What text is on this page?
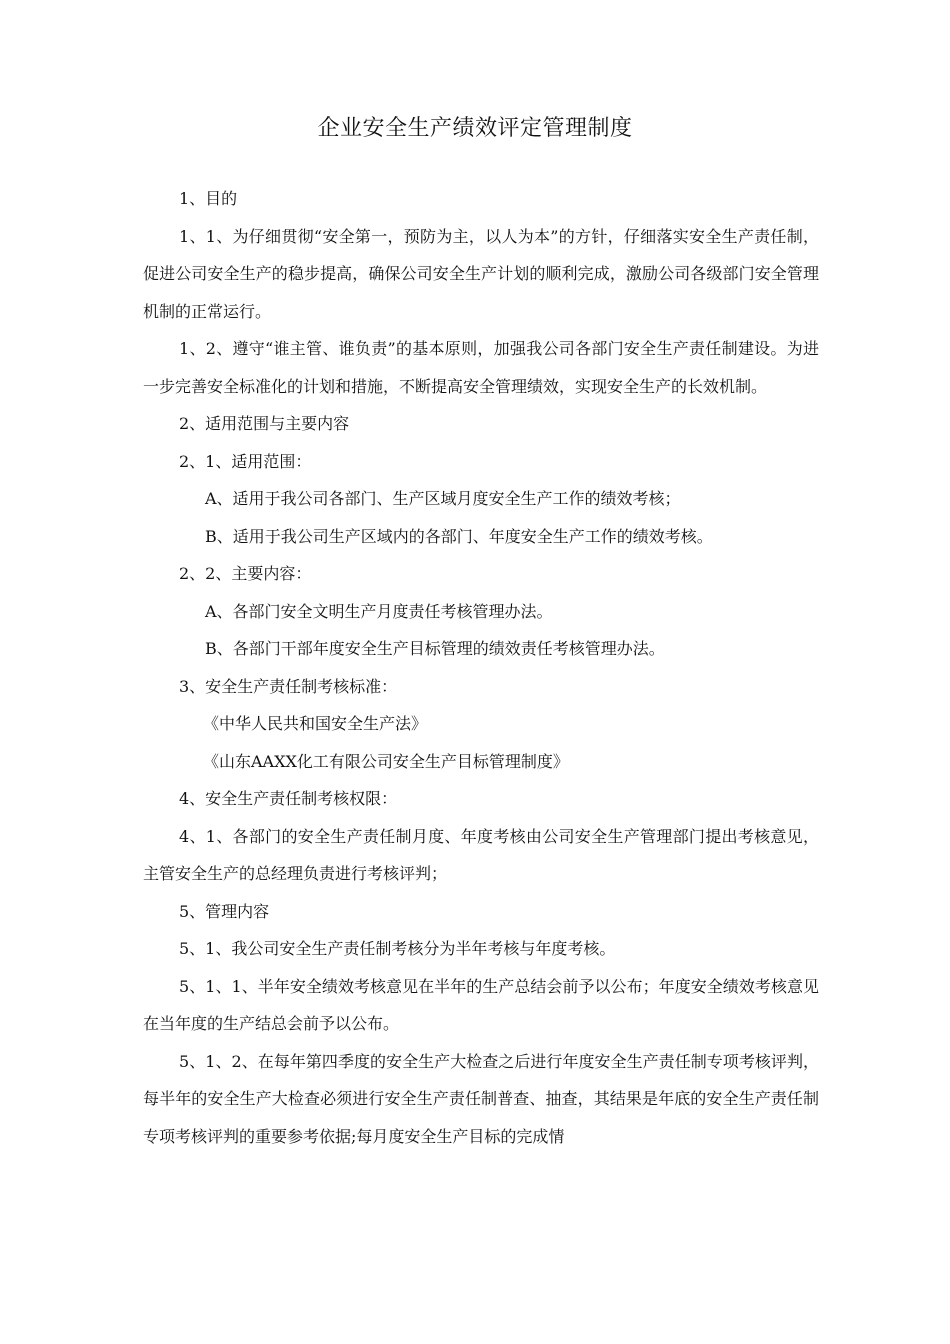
企业安全生产绩效评定管理制度

1、目的

1、1、为仔细贯彻“安全第一，预防为主，以人为本”的方针，仔细落实安全生产责任制，促进公司安全生产的稳步提高，确保公司安全生产计划的顺利完成，激励公司各级部门安全管理机制的正常运行。

1、2、遵守“谁主管、谁负责”的基本原则，加强我公司各部门安全生产责任制建设。为进一步完善安全标准化的计划和措施，不断提高安全管理绩效，实现安全生产的长效机制。

2、适用范围与主要内容

2、1、适用范围：

A、适用于我公司各部门、生产区域月度安全生产工作的绩效考核；

B、适用于我公司生产区域内的各部门、年度安全生产工作的绩效考核。

2、2、主要内容：

A、各部门安全文明生产月度责任考核管理办法。

B、各部门干部年度安全生产目标管理的绩效责任考核管理办法。

3、安全生产责任制考核标准：

《中华人民共和国安全生产法》

《山东AAXX化工有限公司安全生产目标管理制度》

4、安全生产责任制考核权限：

4、1、各部门的安全生产责任制月度、年度考核由公司安全生产管理部门提出考核意见，主管安全生产的总经理负责进行考核评判；

5、管理内容

5、1、我公司安全生产责任制考核分为半年考核与年度考核。

5、1、1、半年安全绩效考核意见在半年的生产总结会前予以公布；年度安全绩效考核意见在当年度的生产结总会前予以公布。

5、1、2、在每年第四季度的安全生产大检查之后进行年度安全生产责任制专项考核评判，每半年的安全生产大检查必须进行安全生产责任制普查、抽查，其结果是年底的安全生产责任制专项考核评判的重要参考依据;每月度安全生产目标的完成情
